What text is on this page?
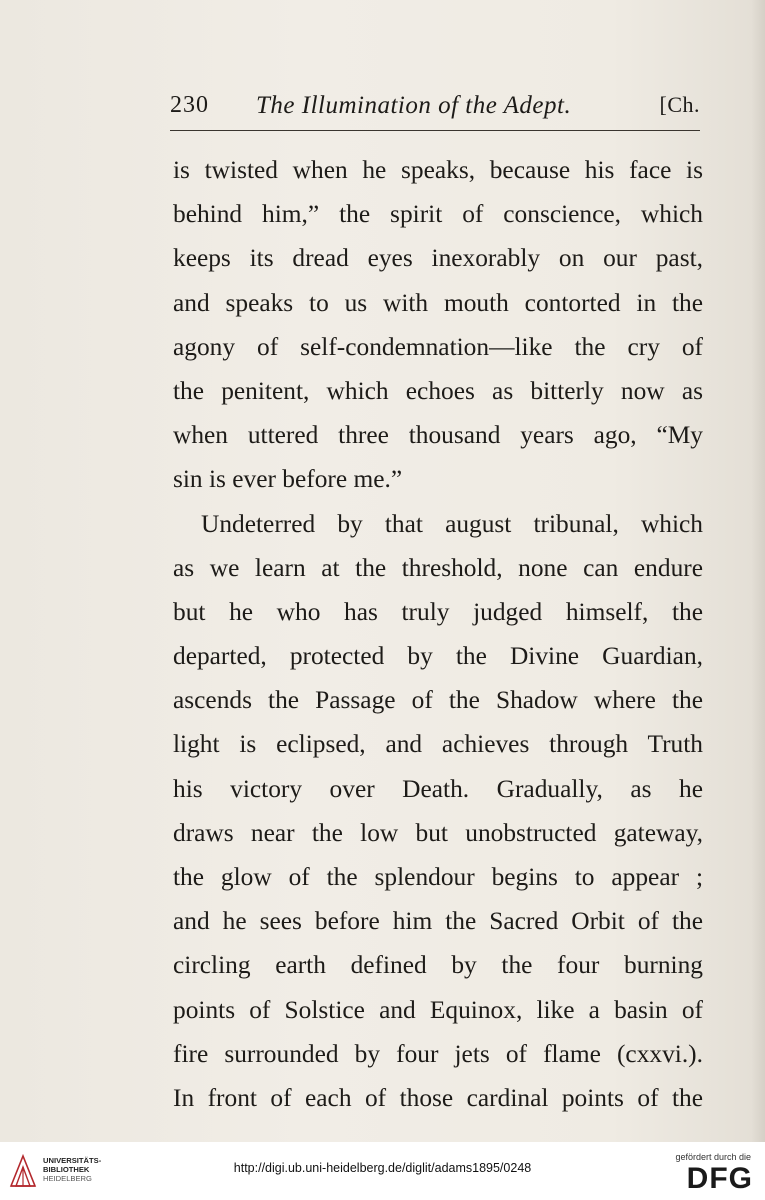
230 The Illumination of the Adept.	[Ch.
is twisted when he speaks, because his face is
behind him,” the spirit of conscience, which
keeps its dread eyes inexorably on our past,
and speaks to us with mouth contorted in the
agony of self-condemnation—like the cry of
the penitent, which echoes as bitterly now as
when uttered three thousand years ago, “My
sin is ever before me.”
Undeterred by that august tribunal, which
as we learn at the threshold, none can endure
but he who has truly judged himself, the
departed, protected by the Divine Guardian,
ascends the Passage of the Shadow where the
light is eclipsed, and achieves through Truth
his victory over Death. Gradually, as he
draws near the low but unobstructed gateway,
the glow of the splendour begins to appear ;
and he sees before him the Sacred Orbit of the
circling earth defined by the four burning
points of Solstice and Equinox, like a basin of
fire surrounded by four jets of flame (cxxvi.).
In front of each of those cardinal points of the
UNIVERSITÄTS-
BIBLIOTHEK
HEIDELBERG
http://digi.ub.uni-heidelberg.de/diglit/adams1895/0248
gefördert durch die
DFG
